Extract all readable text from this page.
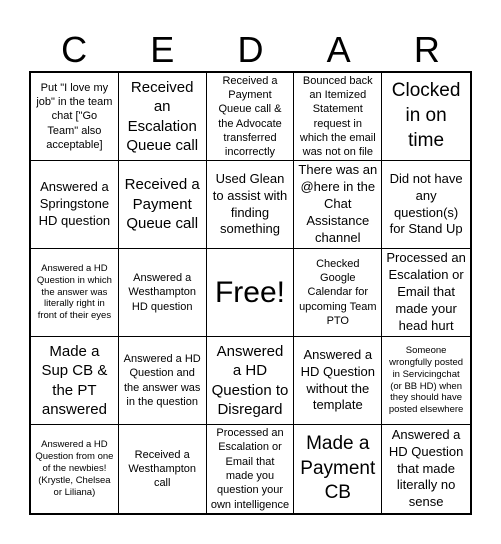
C	E	D	A	R
Put "I love my job" in the team chat ["Go Team" also acceptable]
Received an Escalation Queue call
Received a Payment Queue call & the Advocate transferred incorrectly
Bounced back an Itemized Statement request in which the email was not on file
Clocked in on time
Answered a Springstone HD question
Received a Payment Queue call
Used Glean to assist with finding something
There was an @here in the Chat Assistance channel
Did not have any question(s) for Stand Up
Answered a HD Question in which the answer was literally right in front of their eyes
Answered a Westhampton HD question Free!
Checked Google Calendar for upcoming Team PTO
Processed an Escalation or Email that made your head hurt
Made a Sup CB & the PT answered
Answered a HD Question and the answer was in the question
Answered a HD Question to Disregard
Answered a HD Question without the template
Someone wrongfully posted in Servicingchat (or BB HD) when they should have posted elsewhere
Answered a HD Question from one of the newbies! (Krystle, Chelsea or Liliana)
Received a Westhampton call
Processed an Escalation or Email that made you question your own intelligence
Made a Payment CB
Answered a HD Question that made literally no sense
